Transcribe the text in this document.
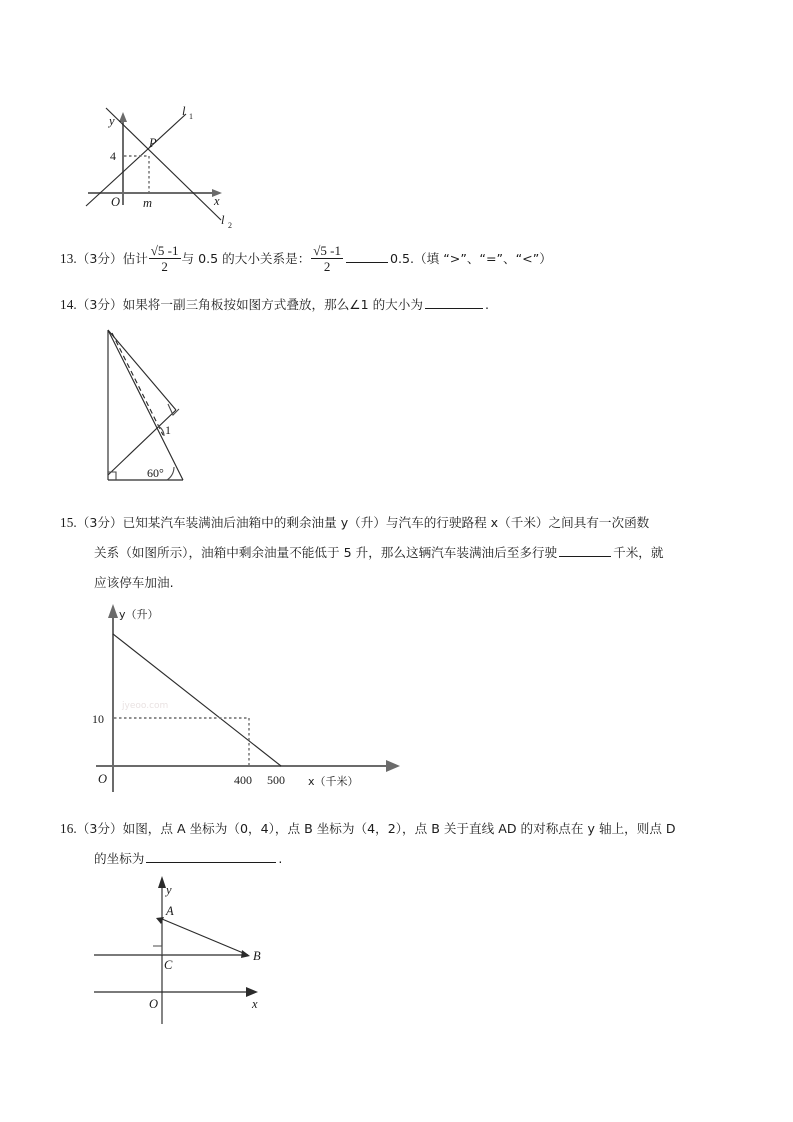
y
x
O
P
4
m
l 1
l 2
13.（3分）估计 $\frac{√5 -1}{2}$ 与 0.5 的大小关系是： $\frac{√5 -1}{2}$	0.5.（填 “>”、“=”、“<”）
14.（3分）如果将一副三角板按如图方式叠放，那么∠1 的大小为	.
1
60°
15.（3分）已知某汽车装满油后油箱中的剩余油量 y（升）与汽车的行驶路程 x（千米）之间具有一次函数
关系（如图所示），油箱中剩余油量不能低于 5 升，那么这辆汽车装满油后至多行驶	千米，就
应该停车加油.
jyeoo.com
y（升）
x（千米）
O
10
400 500
16.（3分）如图，点 A 坐标为（0，4），点 B 坐标为（4，2），点 B 关于直线 AD 的对称点在 y 轴上，则点 D
的坐标为	.
y
x
O
A
B
C
